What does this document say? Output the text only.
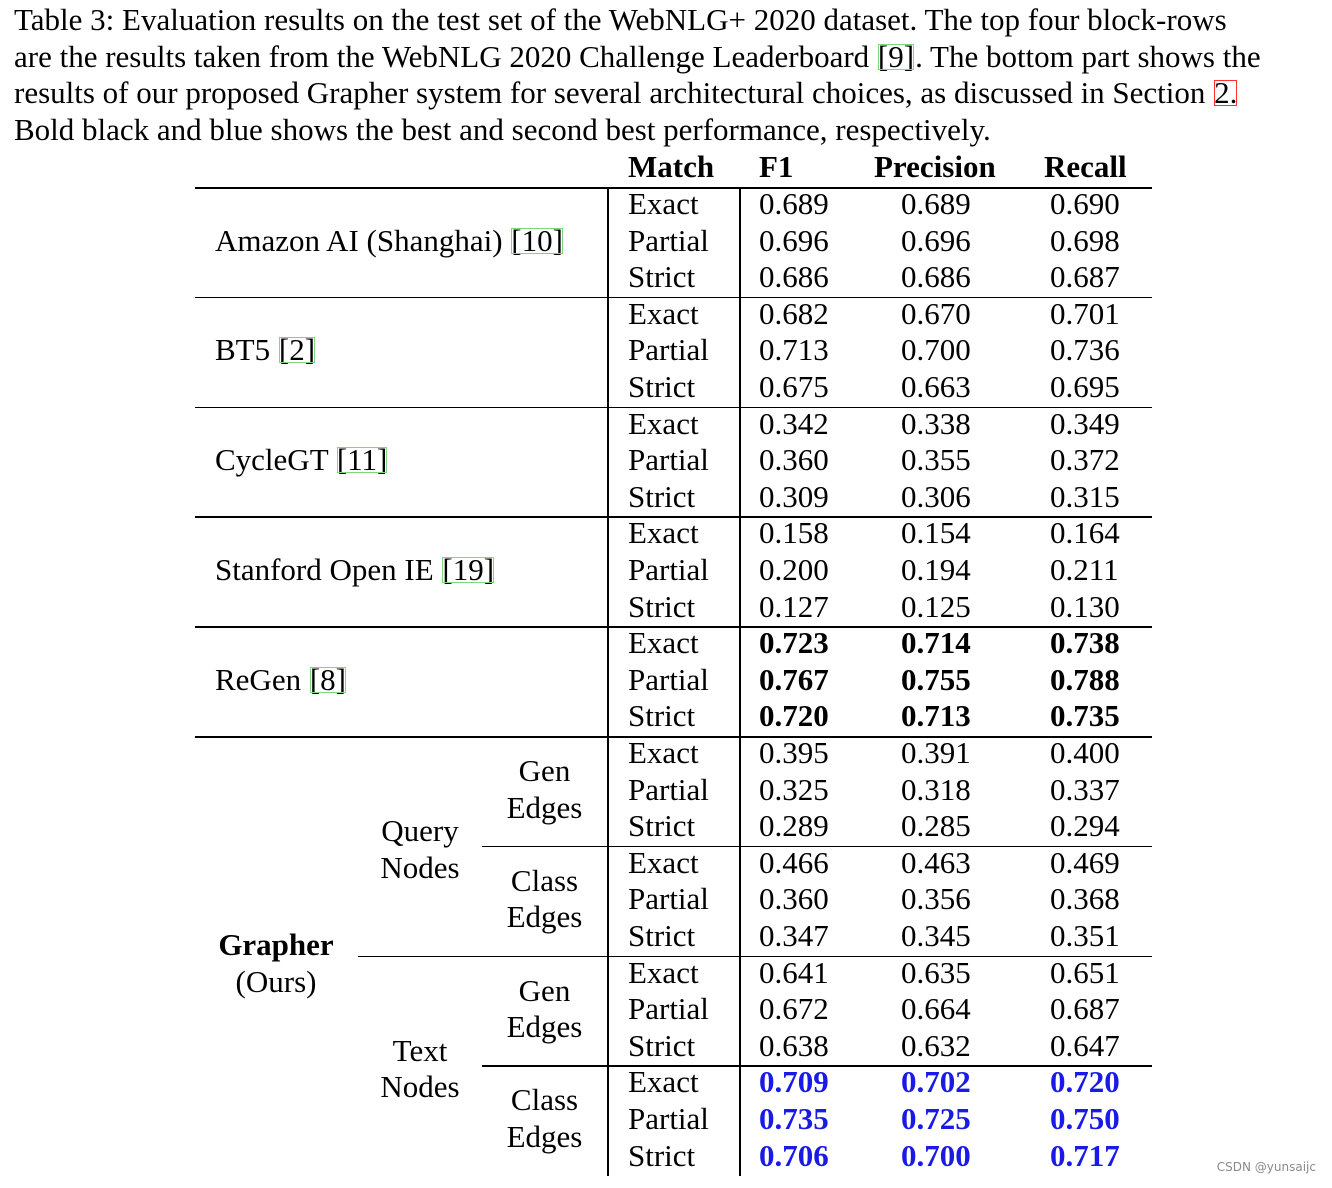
Table 3: Evaluation results on the test set of the WebNLG+ 2020 dataset. The top four block-rows
are the results taken from the WebNLG 2020 Challenge Leaderboard [9]. The bottom part shows the
results of our proposed Grapher system for several architectural choices, as discussed in Section 2.
Bold black and blue shows the best and second best performance, respectively.
Match F1	Precision Recall
Amazon AI (Shanghai) [10]
Exact 0.689 0.689	0.690
Partial 0.696 0.696	0.698
Strict 0.686 0.686	0.687
BT5 [2]
Exact 0.682 0.670	0.701
Partial 0.713 0.700	0.736
Strict 0.675 0.663	0.695
CycleGT [11]
Exact 0.342 0.338	0.349
Partial 0.360 0.355	0.372
Strict 0.309 0.306	0.315
Stanford Open IE [19]
Exact 0.158 0.154	0.164
Partial 0.200 0.194	0.211
Strict 0.127 0.125	0.130
ReGen [8]
Exact 0.723 0.714	0.738
Partial 0.767 0.755	0.788
Strict 0.720 0.713	0.735
Grapher
(Ours)
Query
Nodes
Gen
Edges
Exact 0.395 0.391	0.400
Partial 0.325 0.318	0.337
Strict 0.289 0.285	0.294
Class
Edges
Exact 0.466 0.463	0.469
Partial 0.360 0.356	0.368
Strict 0.347 0.345	0.351
Text
Nodes
Gen
Edges
Exact 0.641 0.635	0.651
Partial 0.672 0.664	0.687
Strict 0.638 0.632	0.647
Class
Edges
Exact 0.709 0.702	0.720
Partial 0.735 0.725	0.750
Strict 0.706 0.700	0.717	CSDN @yunsaijc
